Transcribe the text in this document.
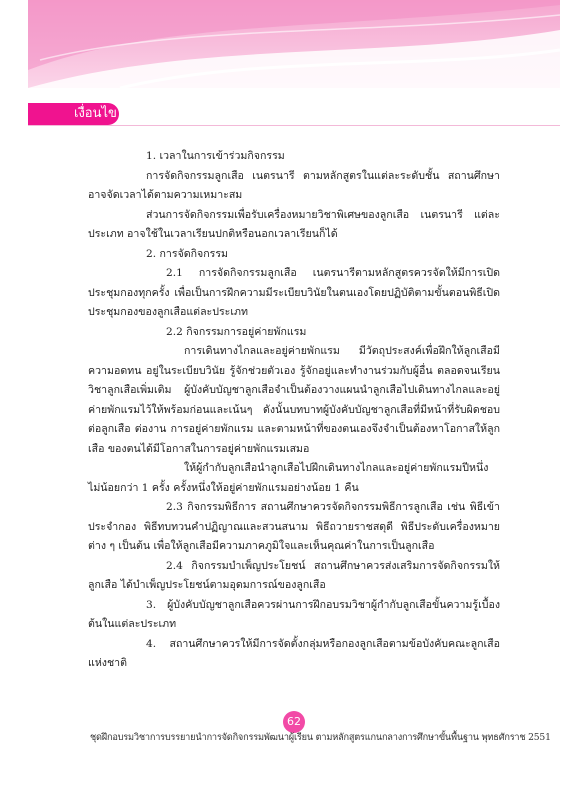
เงื่อนไข

1. เวลาในการเข้าร่วมกิจกรรม

การจัดกิจกรรมลูกเสือ เนตรนารี ตามหลักสูตรในแต่ละระดับชั้น สถานศึกษาอาจจัดเวลาได้ตามความเหมาะสม

ส่วนการจัดกิจกรรมเพื่อรับเครื่องหมายวิชาพิเศษของลูกเสือ เนตรนารี แต่ละประเภท อาจใช้ในเวลาเรียนปกติหรือนอกเวลาเรียนก็ได้

2. การจัดกิจกรรม

2.1 การจัดกิจกรรมลูกเสือ เนตรนารีตามหลักสูตรควรจัดให้มีการเปิดประชุมกองทุกครั้ง เพื่อเป็นการฝึกความมีระเบียบวินัยในตนเองโดยปฏิบัติตามขั้นตอนพิธีเปิดประชุมกองของลูกเสือแต่ละประเภท

2.2 กิจกรรมการอยู่ค่ายพักแรม

การเดินทางไกลและอยู่ค่ายพักแรม มีวัตถุประสงค์เพื่อฝึกให้ลูกเสือมีความอดทน อยู่ในระเบียบวินัย รู้จักช่วยตัวเอง รู้จักอยู่และทำงานร่วมกับผู้อื่น ตลอดจนเรียนวิชาลูกเสือเพิ่มเติม ผู้บังคับบัญชาลูกเสือจำเป็นต้องวางแผนนำลูกเสือไปเดินทางไกลและอยู่ค่ายพักแรมไว้ให้พร้อมก่อนและเน้นๆ ดังนั้นบทบาทผู้บังคับบัญชาลูกเสือที่มีหน้าที่รับผิดชอบต่อลูกเสือ ต่องาน การอยู่ค่ายพักแรม และตามหน้าที่ของตนเองจึงจำเป็นต้องหาโอกาสให้ลูกเสือ ของตนได้มีโอกาสในการอยู่ค่ายพักแรมเสมอ

ให้ผู้กำกับลูกเสือนำลูกเสือไปฝึกเดินทางไกลและอยู่ค่ายพักแรมปีหนึ่งไม่น้อยกว่า 1 ครั้ง ครั้งหนึ่งให้อยู่ค่ายพักแรมอย่างน้อย 1 คืน

2.3 กิจกรรมพิธีการ สถานศึกษาควรจัดกิจกรรมพิธีการลูกเสือ เช่น พิธีเข้าประจำกอง พิธีทบทวนคำปฏิญาณและสวนสนาม พิธีถวายราชสดุดี พิธีประดับเครื่องหมายต่าง ๆ เป็นต้น เพื่อให้ลูกเสือมีความภาคภูมิใจและเห็นคุณค่าในการเป็นลูกเสือ

2.4 กิจกรรมบำเพ็ญประโยชน์ สถานศึกษาควรส่งเสริมการจัดกิจกรรมให้ลูกเสือ ได้บำเพ็ญประโยชน์ตามอุดมการณ์ของลูกเสือ

3. ผู้บังคับบัญชาลูกเสือควรผ่านการฝึกอบรมวิชาผู้กำกับลูกเสือขั้นความรู้เบื้องต้นในแต่ละประเภท

4. สถานศึกษาควรให้มีการจัดตั้งกลุ่มหรือกองลูกเสือตามข้อบังคับคณะลูกเสือแห่งชาติ

62
ชุดฝึกอบรมวิชาการบรรยายนำการจัดกิจกรรมพัฒนาผู้เรียน ตามหลักสูตรแกนกลางการศึกษาขั้นพื้นฐาน พุทธศักราช 2551
